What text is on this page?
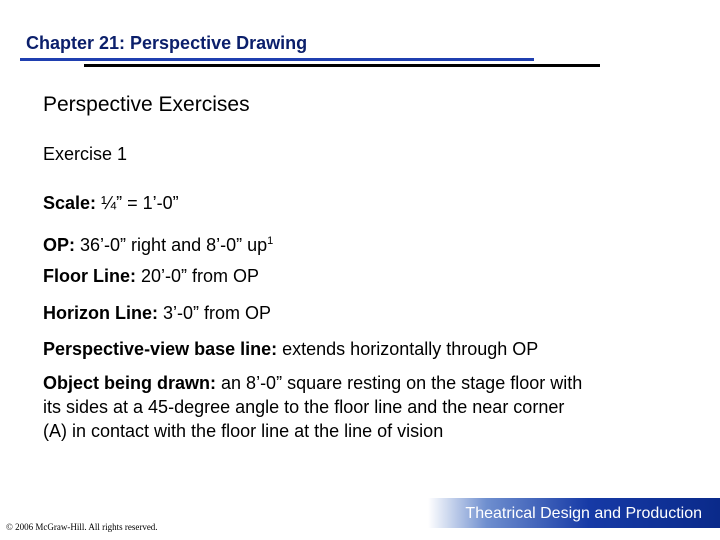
Chapter 21: Perspective Drawing
Perspective Exercises
Exercise 1
Scale: ¼” = 1’-0”
OP: 36’-0” right and 8’-0” $up^1$
Floor Line: 20’-0” from OP
Horizon Line: 3’-0” from OP
Perspective-view base line: extends horizontally through OP
Object being drawn: an 8’-0” square resting on the stage floor with
its sides at a 45-degree angle to the floor line and the near corner
(A) in contact with the floor line at the line of vision
Theatrical Design and Production
© 2006 McGraw-Hill. All rights reserved.
